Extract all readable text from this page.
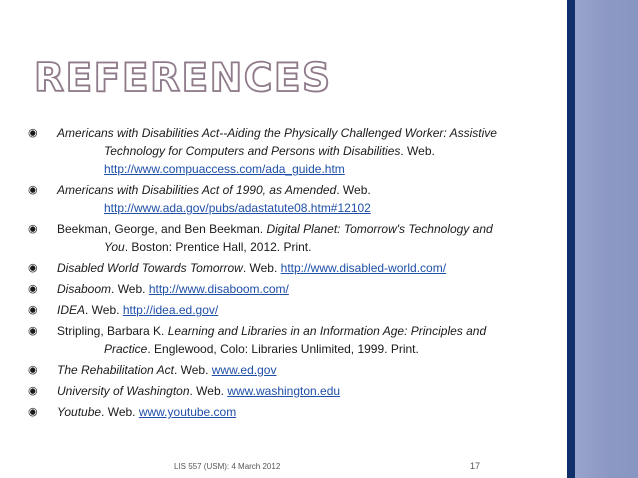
REFERENCES
◉ Americans with Disabilities Act--Aiding the Physically Challenged Worker: Assistive
Technology for Computers and Persons with Disabilities. Web.
http://www.compuaccess.com/ada_guide.htm
◉ Americans with Disabilities Act of 1990, as Amended. Web.
http://www.ada.gov/pubs/adastatute08.htm#12102
◉ Beekman, George, and Ben Beekman. Digital Planet: Tomorrow's Technology and
You. Boston: Prentice Hall, 2012. Print.
◉ Disabled World Towards Tomorrow. Web. http://www.disabled-world.com/
◉ Disaboom. Web. http://www.disaboom.com/
◉ IDEA. Web. http://idea.ed.gov/
◉ Stripling, Barbara K. Learning and Libraries in an Information Age: Principles and
Practice. Englewood, Colo: Libraries Unlimited, 1999. Print.
◉ The Rehabilitation Act. Web. www.ed.gov
◉ University of Washington. Web. www.washington.edu
◉ Youtube. Web. www.youtube.com
LIS 557 (USM): 4 March 2012	17
